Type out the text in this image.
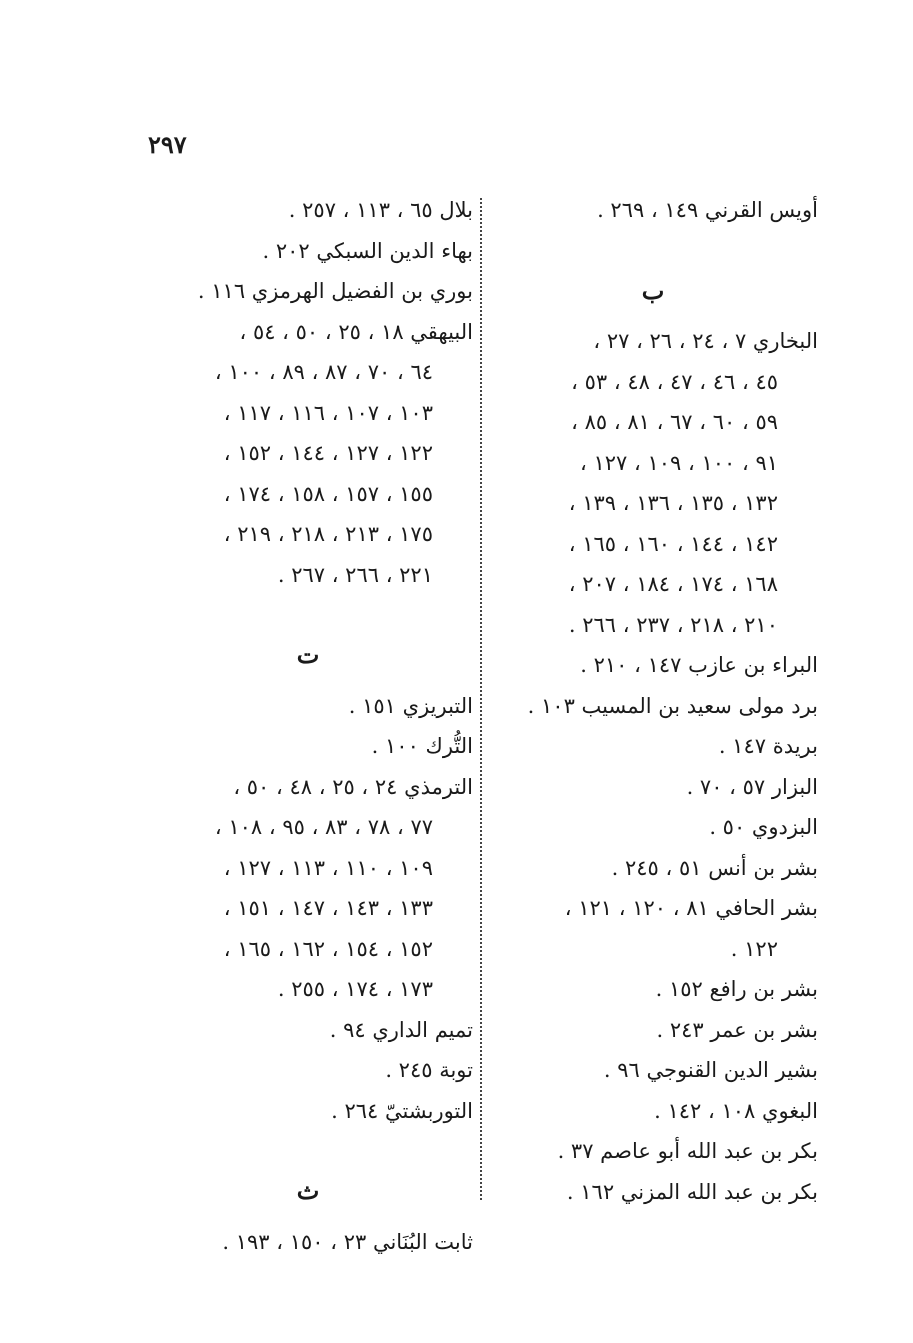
٢٩٧
أويس القرني ١٤٩ ، ٢٦٩ .
ب
البخاري ٧ ، ٢٤ ، ٢٦ ، ٢٧ ،
٤٥ ، ٤٦ ، ٤٧ ، ٤٨ ، ٥٣ ،
٥٩ ، ٦٠ ، ٦٧ ، ٨١ ، ٨٥ ،
٩١ ، ١٠٠ ، ١٠٩ ، ١٢٧ ،
١٣٢ ، ١٣٥ ، ١٣٦ ، ١٣٩ ،
١٤٢ ، ١٤٤ ، ١٦٠ ، ١٦٥ ،
١٦٨ ، ١٧٤ ، ١٨٤ ، ٢٠٧ ،
٢١٠ ، ٢١٨ ، ٢٣٧ ، ٢٦٦ .
البراء بن عازب ١٤٧ ، ٢١٠ .
برد مولى سعيد بن المسيب ١٠٣ .
بريدة ١٤٧ .
البزار ٥٧ ، ٧٠ .
البزدوي ٥٠ .
بشر بن أنس ٥١ ، ٢٤٥ .
بشر الحافي ٨١ ، ١٢٠ ، ١٢١ ،
١٢٢ .
بشر بن رافع ١٥٢ .
بشر بن عمر ٢٤٣ .
بشير الدين القنوجي ٩٦ .
البغوي ١٠٨ ، ١٤٢ .
بكر بن عبد الله أبو عاصم ٣٧ .
بكر بن عبد الله المزني ١٦٢ .
بلال ٦٥ ، ١١٣ ، ٢٥٧ .
بهاء الدين السبكي ٢٠٢ .
بوري بن الفضيل الهرمزي ١١٦ .
البيهقي ١٨ ، ٢٥ ، ٥٠ ، ٥٤ ،
٦٤ ، ٧٠ ، ٨٧ ، ٨٩ ، ١٠٠ ،
١٠٣ ، ١٠٧ ، ١١٦ ، ١١٧ ،
١٢٢ ، ١٢٧ ، ١٤٤ ، ١٥٢ ،
١٥٥ ، ١٥٧ ، ١٥٨ ، ١٧٤ ،
١٧٥ ، ٢١٣ ، ٢١٨ ، ٢١٩ ،
٢٢١ ، ٢٦٦ ، ٢٦٧ .
ت
التبريزي ١٥١ .
التُّرك ١٠٠ .
الترمذي ٢٤ ، ٢٥ ، ٤٨ ، ٥٠ ،
٧٧ ، ٧٨ ، ٨٣ ، ٩٥ ، ١٠٨ ،
١٠٩ ، ١١٠ ، ١١٣ ، ١٢٧ ،
١٣٣ ، ١٤٣ ، ١٤٧ ، ١٥١ ،
١٥٢ ، ١٥٤ ، ١٦٢ ، ١٦٥ ،
١٧٣ ، ١٧٤ ، ٢٥٥ .
تميم الداري ٩٤ .
توبة ٢٤٥ .
التوربشتيّ ٢٦٤ .
ث
ثابت البُنَاني ٢٣ ، ١٥٠ ، ١٩٣ .
